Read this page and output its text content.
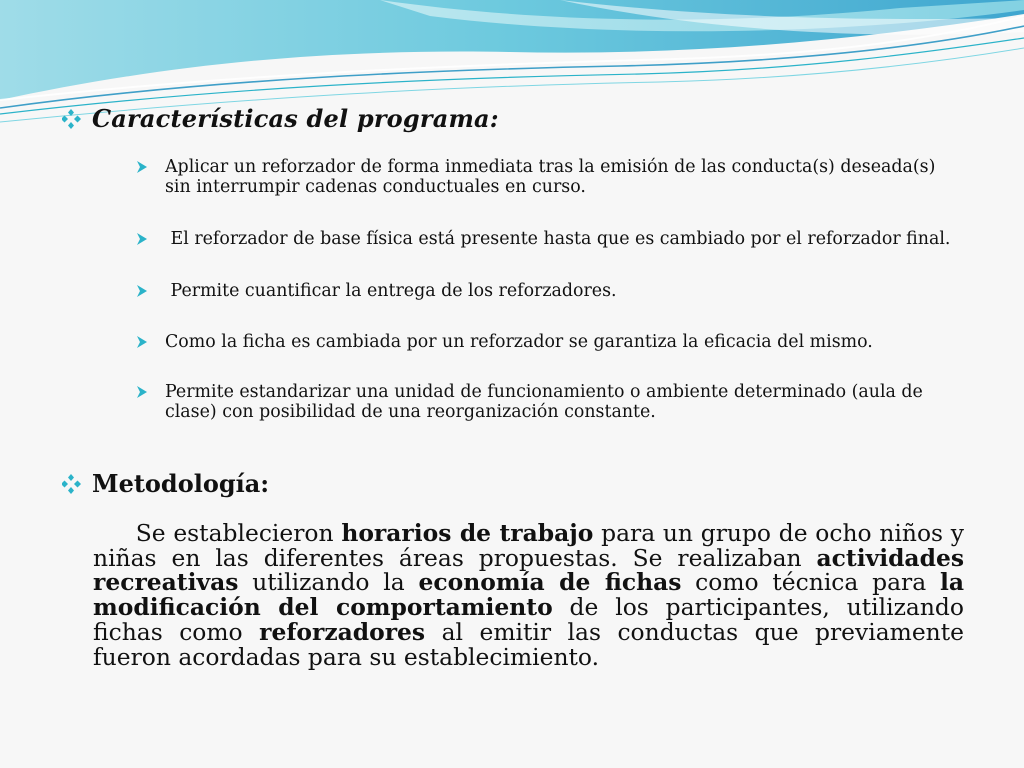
Características del programa:
Aplicar un reforzador de forma inmediata tras la emisión de las conducta(s) deseada(s) sin interrumpir cadenas conductuales en curso.
El reforzador de base física está presente hasta que es cambiado por el reforzador final.
Permite cuantificar la entrega de los reforzadores.
Como la ficha es cambiada por un reforzador se garantiza la eficacia del mismo.
Permite estandarizar una unidad de funcionamiento o ambiente determinado (aula de clase) con posibilidad de una reorganización constante.
Metodología:
Se establecieron horarios de trabajo para un grupo de ocho niños y niñas en las diferentes áreas propuestas. Se realizaban actividades recreativas utilizando la economía de fichas como técnica para la modificación del comportamiento de los participantes, utilizando fichas como reforzadores al emitir las conductas que previamente fueron acordadas para su establecimiento.
